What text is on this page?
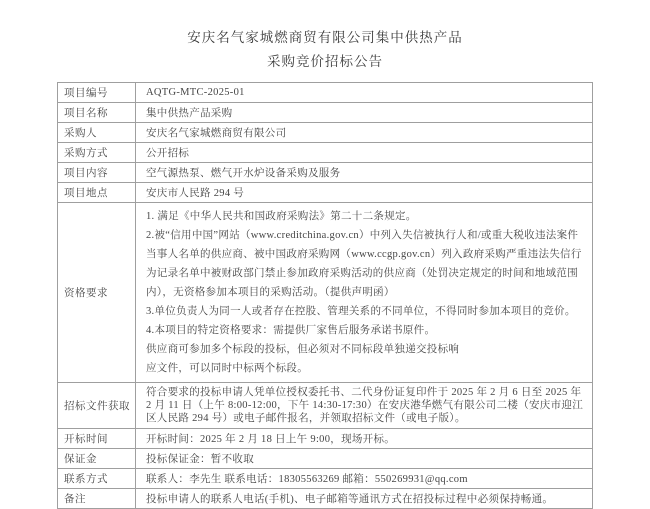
安庆名气家城燃商贸有限公司集中供热产品
采购竞价招标公告
项目编号	AQTG-MTC-2025-01
项目名称	集中供热产品采购
采购人	安庆名气家城燃商贸有限公司
采购方式	公开招标
项目内容	空气源热泵、燃气开水炉设备采购及服务
项目地点	安庆市人民路 294 号
资格要求	
1. 满足《中华人民共和国政府采购法》第二十二条规定。
2.被“信用中国”网站（www.creditchina.gov.cn）中列入失信被执行人和/或重大税收违法案件当事人名单的供应商、被中国政府采购网（www.ccgp.gov.cn）列入政府采购严重违法失信行为记录名单中被财政部门禁止参加政府采购活动的供应商（处罚决定规定的时间和地域范围内），无资格参加本项目的采购活动。（提供声明函）
3.单位负责人为同一人或者存在控股、管理关系的不同单位，不得同时参加本项目的竞价。
4.本项目的特定资格要求：需提供厂家售后服务承诺书原件。
供应商可参加多个标段的投标，但必须对不同标段单独递交投标响
应文件，可以同时中标两个标段。

招标文件获取	符合要求的投标申请人凭单位授权委托书、二代身份证复印件于 2025 年 2 月 6 日至 2025 年 2 月 11 日（上午 8:00-12:00，下午 14:30-17:30）在安庆港华燃气有限公司二楼（安庆市迎江区人民路 294 号）或电子邮件报名，并领取招标文件（或电子版）。
开标时间	开标时间：2025 年 2 月 18 日上午 9:00，现场开标。
保证金	投标保证金：暂不收取
联系方式	联系人：李先生 联系电话：18305563269 邮箱：550269931@qq.com
备注	投标申请人的联系人电话(手机)、电子邮箱等通讯方式在招投标过程中必须保持畅通。
